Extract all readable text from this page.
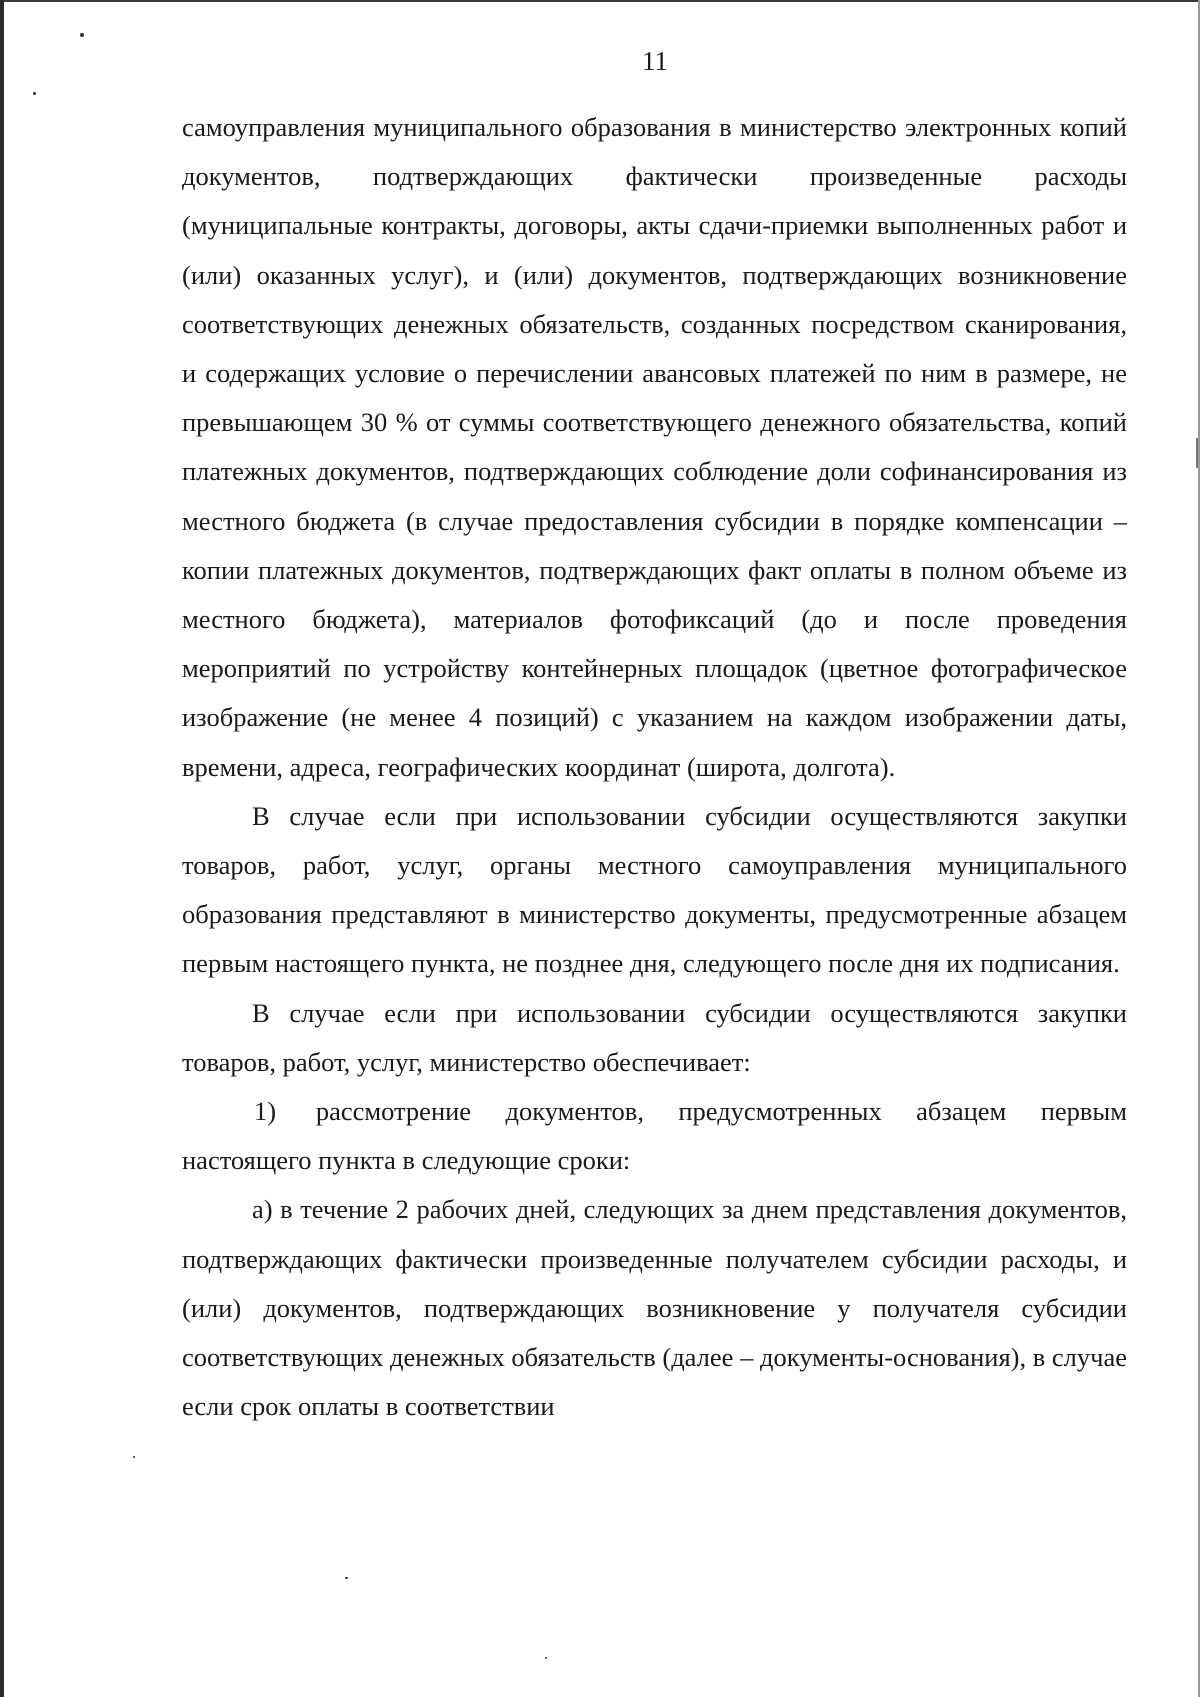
11

самоуправления муниципального образования в министерство электронных копий документов, подтверждающих фактически произведенные расходы (муниципальные контракты, договоры, акты сдачи-приемки выполненных работ и (или) оказанных услуг), и (или) документов, подтверждающих возникновение соответствующих денежных обязательств, созданных посредством сканирования, и содержащих условие о перечислении авансовых платежей по ним в размере, не превышающем 30 % от суммы соответствующего денежного обязательства, копий платежных документов, подтверждающих соблюдение доли софинансирования из местного бюджета (в случае предоставления субсидии в порядке компенсации – копии платежных документов, подтверждающих факт оплаты в полном объеме из местного бюджета), материалов фотофиксаций (до и после проведения мероприятий по устройству контейнерных площадок (цветное фотографическое изображение (не менее 4 позиций) с указанием на каждом изображении даты, времени, адреса, географических координат (широта, долгота).

В случае если при использовании субсидии осуществляются закупки товаров, работ, услуг, органы местного самоуправления муниципального образования представляют в министерство документы, предусмотренные абзацем первым настоящего пункта, не позднее дня, следующего после дня их подписания.

В случае если при использовании субсидии осуществляются закупки товаров, работ, услуг, министерство обеспечивает:

1)  рассмотрение документов, предусмотренных абзацем первым настоящего пункта в следующие сроки:

а) в течение 2 рабочих дней, следующих за днем представления документов, подтверждающих фактически произведенные получателем субсидии расходы, и (или) документов, подтверждающих возникновение у получателя субсидии соответствующих денежных обязательств (далее – документы-основания), в случае если срок оплаты в соответствии
